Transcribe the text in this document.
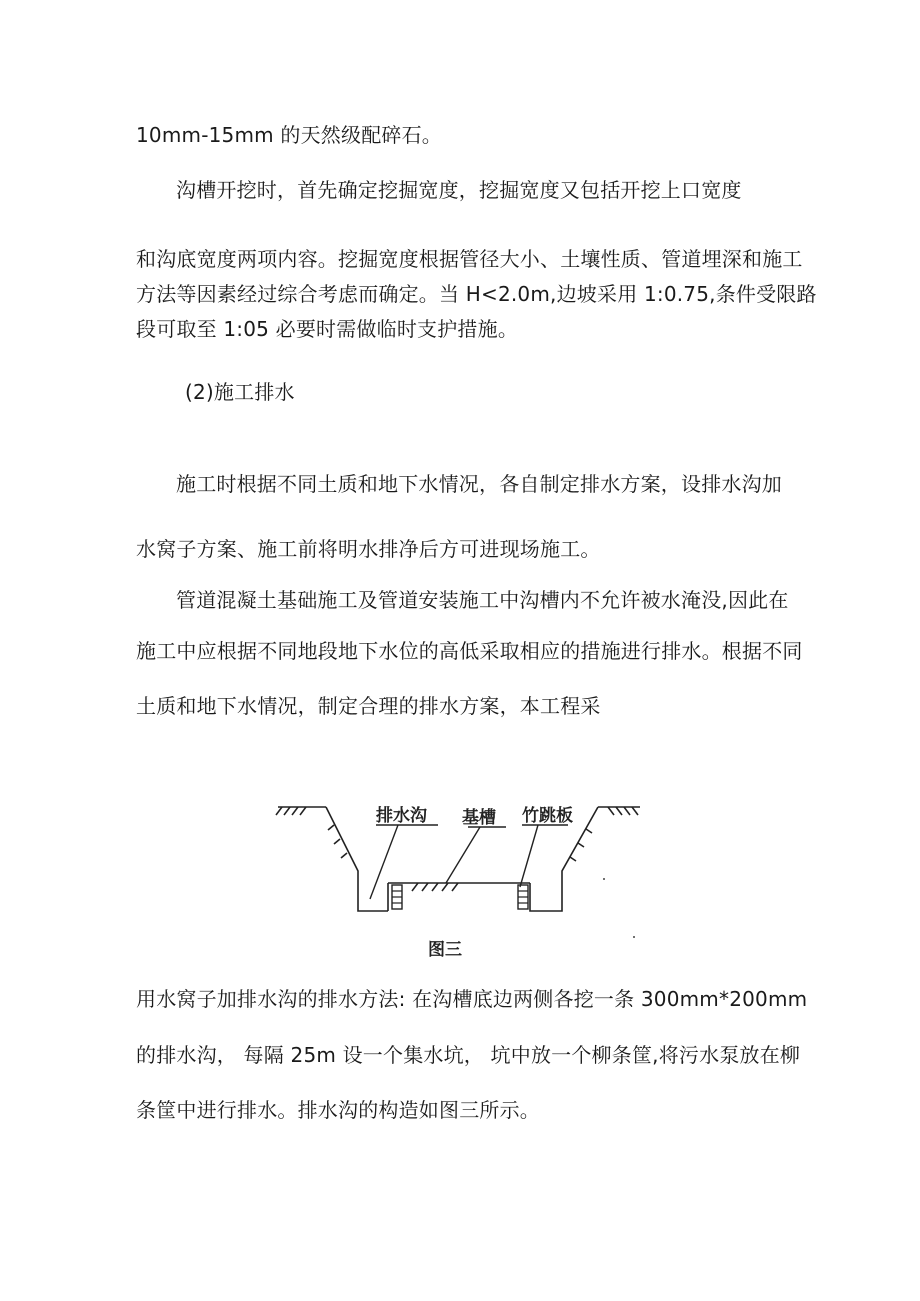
10mm-15mm 的天然级配碎石。
沟槽开挖时，首先确定挖掘宽度，挖掘宽度又包括开挖上口宽度
和沟底宽度两项内容。挖掘宽度根据管径大小、土壤性质、管道埋深和施工
方法等因素经过综合考虑而确定。当 H<2.0m,边坡采用 1:0.75,条件受限路
段可取至 1:05 必要时需做临时支护措施。
(2)施工排水
施工时根据不同土质和地下水情况，各自制定排水方案，设排水沟加
水窝子方案、施工前将明水排净后方可进现场施工。
管道混凝土基础施工及管道安装施工中沟槽内不允许被水淹没,因此在
施工中应根据不同地段地下水位的高低采取相应的措施进行排水。根据不同
土质和地下水情况，制定合理的排水方案，本工程采
排水沟 基槽 竹跳板
图三
用水窝子加排水沟的排水方法: 在沟槽底边两侧各挖一条 300mm*200mm
的排水沟， 每隔 25m 设一个集水坑， 坑中放一个柳条筐,将污水泵放在柳
条筐中进行排水。排水沟的构造如图三所示。
